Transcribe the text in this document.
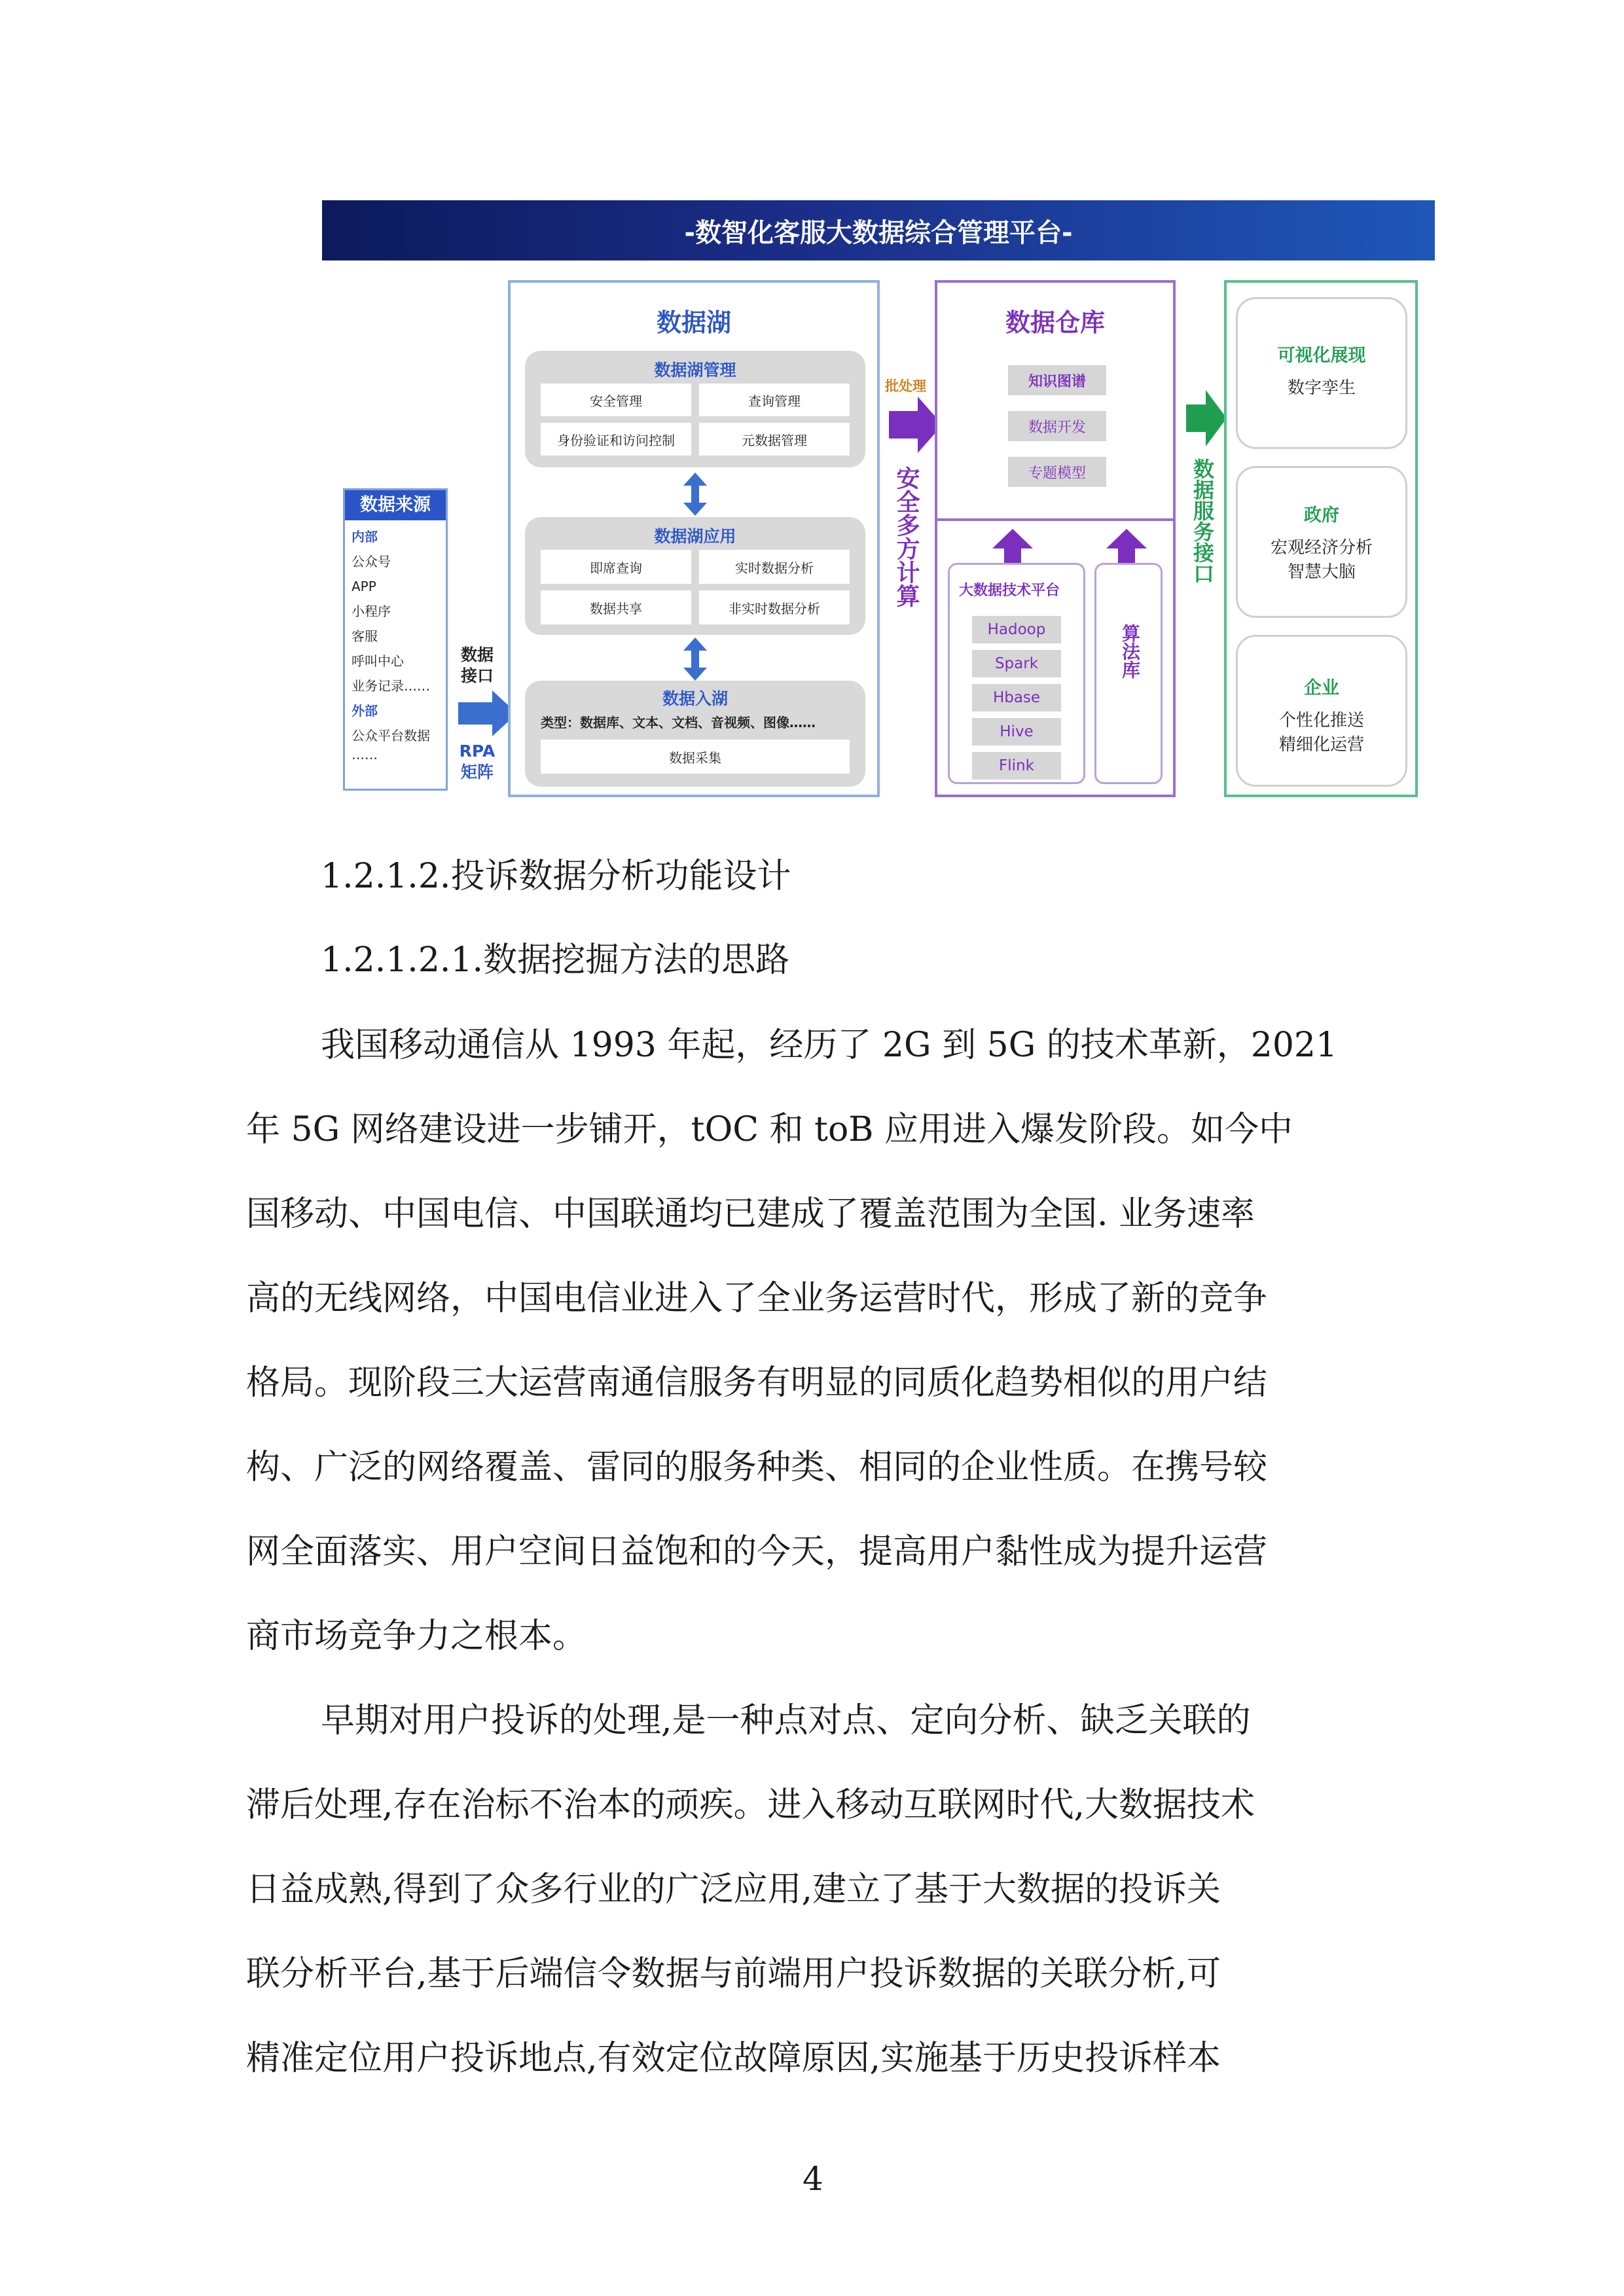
-数智化客服大数据综合管理平台-
数据来源
内部
公众号
APP
小程序
客服
呼叫中心
业务记录……
外部
公众平台数据
……
数据接口
RPA矩阵
数据湖
数据湖管理
安全管理	查询管理
身份验证和访问控制	元数据管理
数据湖应用
即席查询	实时数据分析
数据共享	非实时数据分析
数据入湖
类型：数据库、文本、文档、音视频、图像……
数据采集
批处理
安全多方计算
数据仓库
知识图谱
数据开发
专题模型
大数据技术平台
Hadoop
Spark
Hbase
Hive
Flink
算法库
数据服务接口
可视化展现
数字孪生
政府
宏观经济分析
智慧大脑
企业
个性化推送
精细化运营
1.2.1.2.投诉数据分析功能设计
1.2.1.2.1.数据挖掘方法的思路
我国移动通信从 1993 年起，经历了 2G 到 5G 的技术革新，2021
年 5G 网络建设进一步铺开，tOC 和 toB 应用进入爆发阶段。如今中
国移动、中国电信、中国联通均已建成了覆盖范围为全国. 业务速率
高的无线网络，中国电信业进入了全业务运营时代，形成了新的竞争
格局。现阶段三大运营南通信服务有明显的同质化趋势相似的用户结
构、广泛的网络覆盖、雷同的服务种类、相同的企业性质。在携号较
网全面落实、用户空间日益饱和的今天，提高用户黏性成为提升运营
商市场竞争力之根本。
早期对用户投诉的处理,是一种点对点、定向分析、缺乏关联的
滞后处理,存在治标不治本的顽疾。进入移动互联网时代,大数据技术
日益成熟,得到了众多行业的广泛应用,建立了基于大数据的投诉关
联分析平台,基于后端信令数据与前端用户投诉数据的关联分析,可
精准定位用户投诉地点,有效定位故障原因,实施基于历史投诉样本
4
